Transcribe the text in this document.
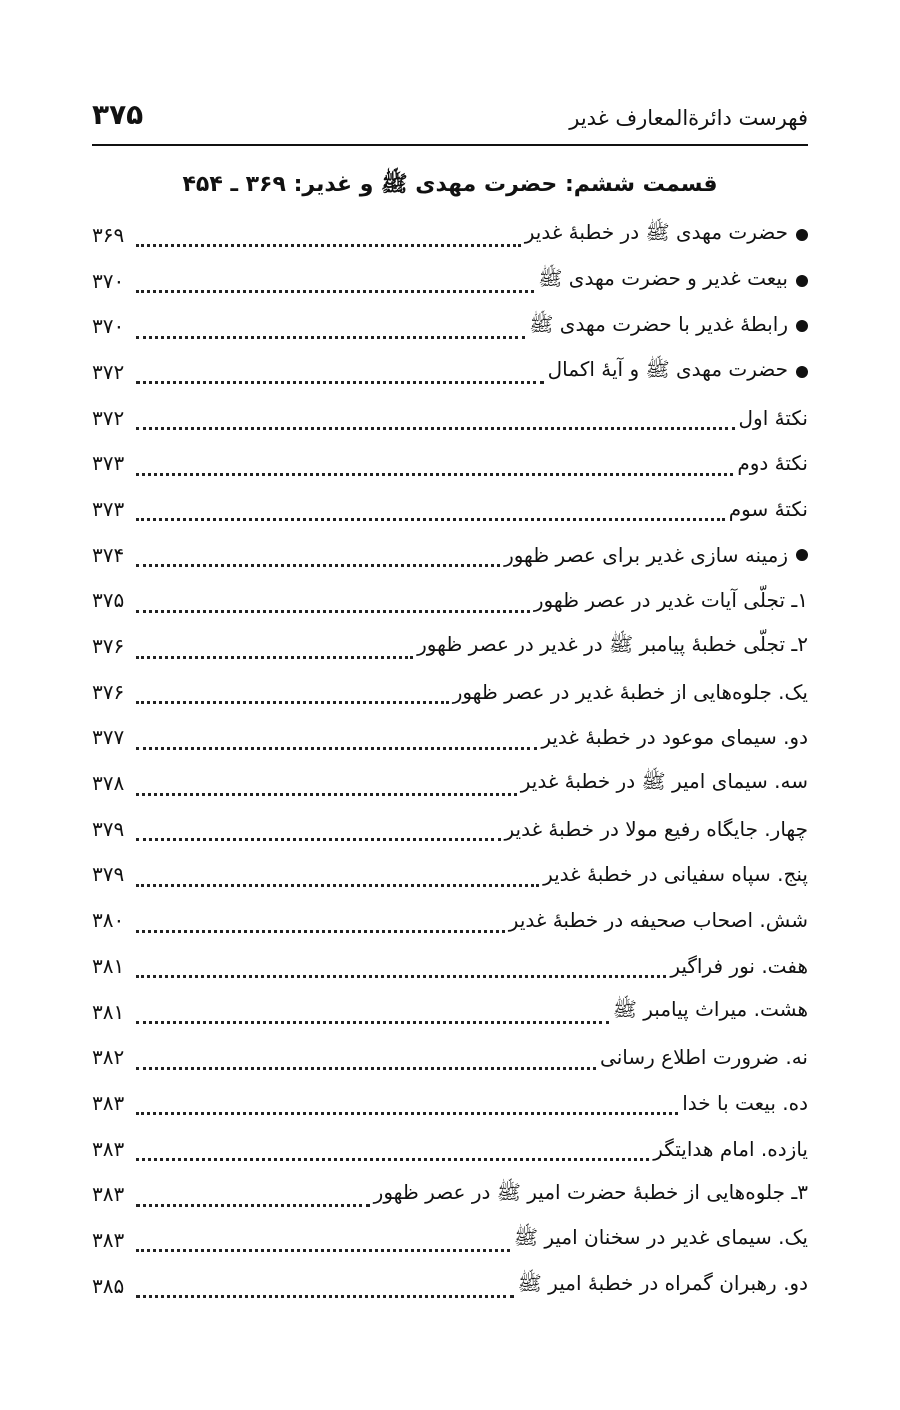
فهرست دائرةالمعارف غدیر
۳۷۵
قسمت ششم: حضرت مهدی ﷺ و غدیر: ۳۶۹ ـ ۴۵۴
حضرت مهدی ﷺ در خطبهٔ غدیر
۳۶۹
بیعت غدیر و حضرت مهدی ﷺ
۳۷۰
رابطهٔ غدیر با حضرت مهدی ﷺ
۳۷۰
حضرت مهدی ﷺ و آیهٔ اکمال
۳۷۲
نکتهٔ اول
۳۷۲
نکتهٔ دوم
۳۷۳
نکتهٔ سوم
۳۷۳
زمینه سازی غدیر برای عصر ظهور
۳۷۴
۱ـ تجلّی آیات غدیر در عصر ظهور
۳۷۵
۲ـ تجلّی خطبهٔ پیامبر ﷺ در غدیر در عصر ظهور
۳۷۶
یک. جلوه‌هایی از خطبهٔ غدیر در عصر ظهور
۳۷۶
دو. سیمای موعود در خطبهٔ غدیر
۳۷۷
سه. سیمای امیر ﷺ در خطبهٔ غدیر
۳۷۸
چهار. جایگاه رفیع مولا در خطبهٔ غدیر
۳۷۹
پنج. سپاه سفیانی در خطبهٔ غدیر
۳۷۹
شش. اصحاب صحیفه در خطبهٔ غدیر
۳۸۰
هفت. نور فراگیر
۳۸۱
هشت. میراث پیامبر ﷺ
۳۸۱
نه. ضرورت اطلاع رسانی
۳۸۲
ده. بیعت با خدا
۳۸۳
یازده. امام هدایتگر
۳۸۳
۳ـ جلوه‌هایی از خطبهٔ حضرت امیر ﷺ در عصر ظهور
۳۸۳
یک. سیمای غدیر در سخنان امیر ﷺ
۳۸۳
دو. رهبران گمراه در خطبهٔ امیر ﷺ
۳۸۵
